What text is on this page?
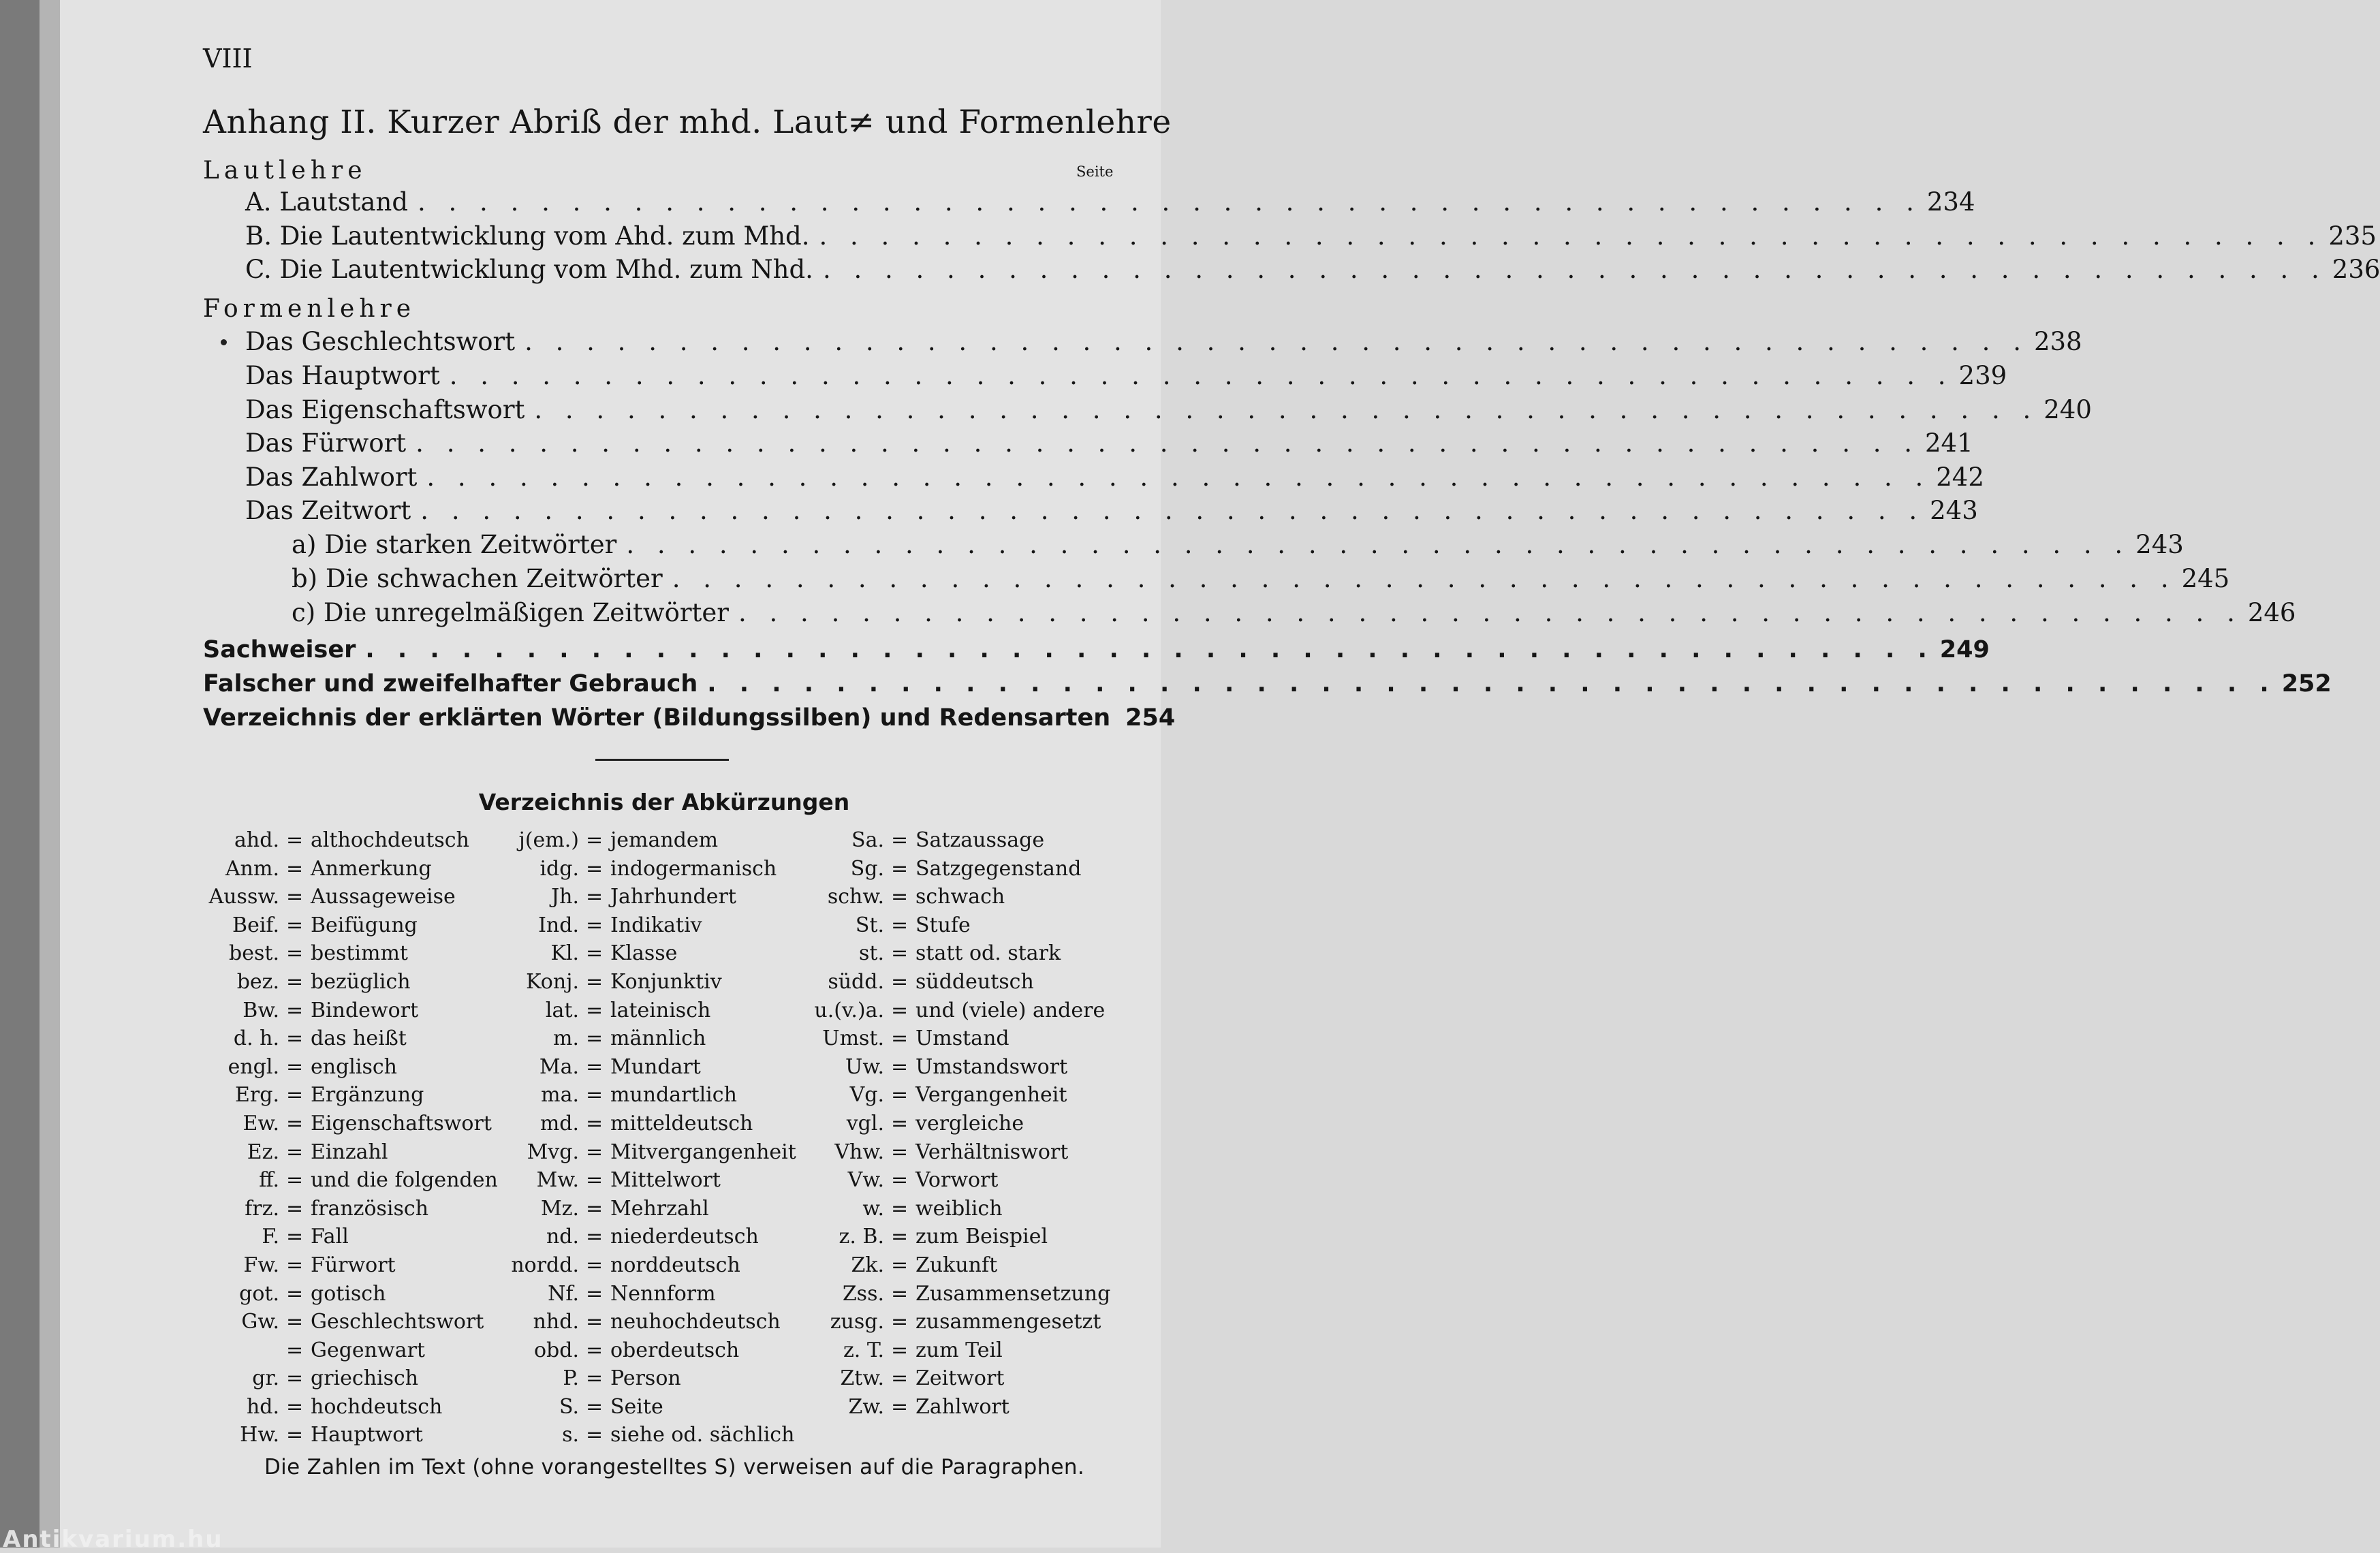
VIII
Anhang II. Kurzer Abriß der mhd. Laut≠ und Formenlehre
Seite
Lautlehre
Formenlehre
A. Lautstand . . . . . . . . . . . . . . . . . . . . . . . . . . . . . . . . . . . . . . . . . . . . . . . . . 234
B. Die Lautentwicklung vom Ahd. zum Mhd. . . . . . . . . . . . . . . . . . . . . . . . . . . . . . . . . . . . . . . . . . . . . . . . . . 235
C. Die Lautentwicklung vom Mhd. zum Nhd. . . . . . . . . . . . . . . . . . . . . . . . . . . . . . . . . . . . . . . . . . . . . . . . . . 236
Das Geschlechtswort . . . . . . . . . . . . . . . . . . . . . . . . . . . . . . . . . . . . . . . . . . . . . . . . . 238
Das Hauptwort . . . . . . . . . . . . . . . . . . . . . . . . . . . . . . . . . . . . . . . . . . . . . . . . . 239
Das Eigenschaftswort . . . . . . . . . . . . . . . . . . . . . . . . . . . . . . . . . . . . . . . . . . . . . . . . . 240
Das Fürwort . . . . . . . . . . . . . . . . . . . . . . . . . . . . . . . . . . . . . . . . . . . . . . . . . 241
Das Zahlwort . . . . . . . . . . . . . . . . . . . . . . . . . . . . . . . . . . . . . . . . . . . . . . . . . 242
Das Zeitwort . . . . . . . . . . . . . . . . . . . . . . . . . . . . . . . . . . . . . . . . . . . . . . . . . 243
a) Die starken Zeitwörter . . . . . . . . . . . . . . . . . . . . . . . . . . . . . . . . . . . . . . . . . . . . . . . . . 243
b) Die schwachen Zeitwörter . . . . . . . . . . . . . . . . . . . . . . . . . . . . . . . . . . . . . . . . . . . . . . . . . 245
c) Die unregelmäßigen Zeitwörter . . . . . . . . . . . . . . . . . . . . . . . . . . . . . . . . . . . . . . . . . . . . . . . . . 246
Sachweiser . . . . . . . . . . . . . . . . . . . . . . . . . . . . . . . . . . . . . . . . . . . . . . . . . 249
Falscher und zweifelhafter Gebrauch . . . . . . . . . . . . . . . . . . . . . . . . . . . . . . . . . . . . . . . . . . . . . . . . . 252
Verzeichnis der erklärten Wörter (Bildungssilben) und Redensarten 254
Verzeichnis der Abkürzungen
ahd. = althochdeutsch
Anm. = Anmerkung
Aussw. = Aussageweise
Beif. = Beifügung
best. = bestimmt
bez. = bezüglich
Bw. = Bindewort
d. h. = das heißt
engl. = englisch
Erg. = Ergänzung
Ew. = Eigenschaftswort
Ez. = Einzahl
ff. = und die folgenden
frz. = französisch
F. = Fall
Fw. = Fürwort
got. = gotisch
Gw. = Geschlechtswort
= Gegenwart
gr. = griechisch
hd. = hochdeutsch
Hw. = Hauptwort
j(em.) = jemandem
idg. = indogermanisch
Jh. = Jahrhundert
Ind. = Indikativ
Kl. = Klasse
Konj. = Konjunktiv
lat. = lateinisch
m. = männlich
Ma. = Mundart
ma. = mundartlich
md. = mitteldeutsch
Mvg. = Mitvergangenheit
Mw. = Mittelwort
Mz. = Mehrzahl
nd. = niederdeutsch
nordd. = norddeutsch
Nf. = Nennform
nhd. = neuhochdeutsch
obd. = oberdeutsch
P. = Person
S. = Seite
s. = siehe od. sächlich
Sa. = Satzaussage
Sg. = Satzgegenstand
schw. = schwach
St. = Stufe
st. = statt od. stark
südd. = süddeutsch
u.(v.)a. = und (viele) andere
Umst. = Umstand
Uw. = Umstandswort
Vg. = Vergangenheit
vgl. = vergleiche
Vhw. = Verhältniswort
Vw. = Vorwort
w. = weiblich
z. B. = zum Beispiel
Zk. = Zukunft
Zss. = Zusammensetzung
zusg. = zusammengesetzt
z. T. = zum Teil
Ztw. = Zeitwort
Zw. = Zahlwort
Die Zahlen im Text (ohne vorangestelltes S) verweisen auf die Paragraphen.
Antikvarium.hu
